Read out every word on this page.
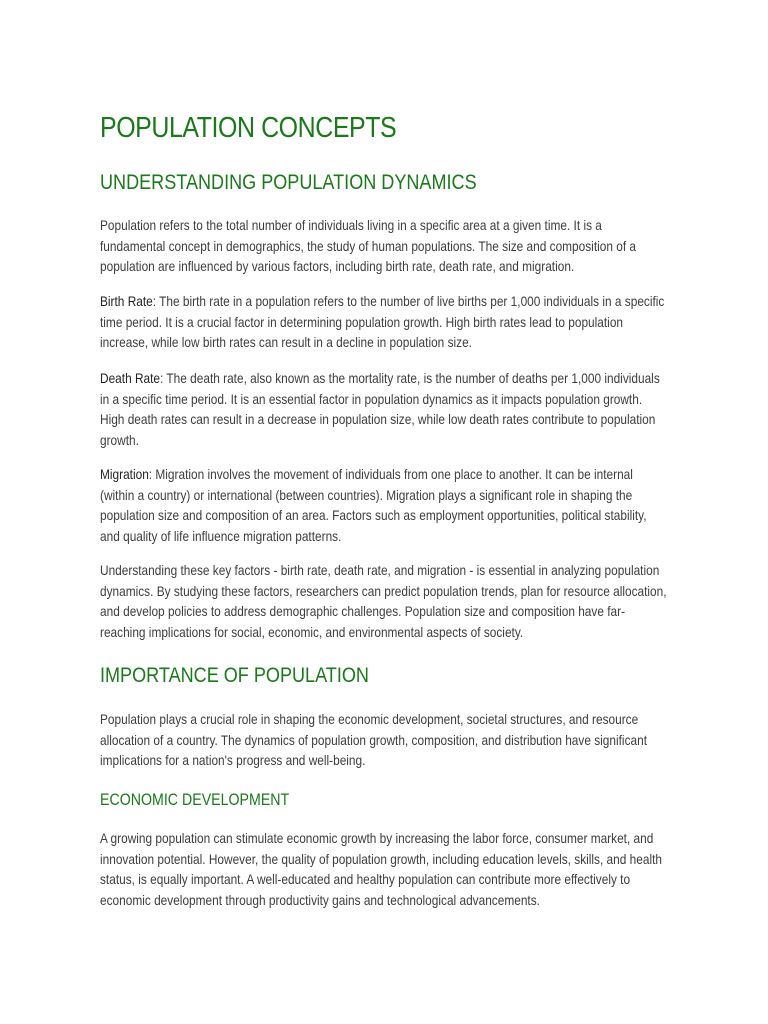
POPULATION CONCEPTS
UNDERSTANDING POPULATION DYNAMICS

Population refers to the total number of individuals living in a specific area at a given time. It is a fundamental concept in demographics, the study of human populations. The size and composition of a population are influenced by various factors, including birth rate, death rate, and migration.

Birth Rate: The birth rate in a population refers to the number of live births per 1,000 individuals in a specific time period. It is a crucial factor in determining population growth. High birth rates lead to population increase, while low birth rates can result in a decline in population size.

Death Rate: The death rate, also known as the mortality rate, is the number of deaths per 1,000 individuals in a specific time period. It is an essential factor in population dynamics as it impacts population growth. High death rates can result in a decrease in population size, while low death rates contribute to population growth.

Migration: Migration involves the movement of individuals from one place to another. It can be internal (within a country) or international (between countries). Migration plays a significant role in shaping the population size and composition of an area. Factors such as employment opportunities, political stability, and quality of life influence migration patterns.

Understanding these key factors - birth rate, death rate, and migration - is essential in analyzing population dynamics. By studying these factors, researchers can predict population trends, plan for resource allocation, and develop policies to address demographic challenges. Population size and composition have far-reaching implications for social, economic, and environmental aspects of society.

IMPORTANCE OF POPULATION

Population plays a crucial role in shaping the economic development, societal structures, and resource allocation of a country. The dynamics of population growth, composition, and distribution have significant implications for a nation's progress and well-being.

ECONOMIC DEVELOPMENT

A growing population can stimulate economic growth by increasing the labor force, consumer market, and innovation potential. However, the quality of population growth, including education levels, skills, and health status, is equally important. A well-educated and healthy population can contribute more effectively to economic development through productivity gains and technological advancements.
